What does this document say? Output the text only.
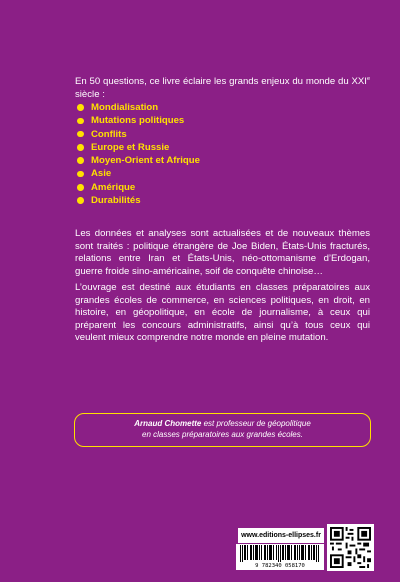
En 50 questions, ce livre éclaire les grands enjeux du monde du XXIe siècle :
Mondialisation
Mutations politiques
Conflits
Europe et Russie
Moyen-Orient et Afrique
Asie
Amérique
Durabilités
Les données et analyses sont actualisées et de nouveaux thèmes sont traités : politique étrangère de Joe Biden, États-Unis fracturés, relations entre Iran et États-Unis, néo-ottomanisme d’Erdogan, guerre froide sino-américaine, soif de conquête chinoise…
L’ouvrage est destiné aux étudiants en classes préparatoires aux grandes écoles de commerce, en sciences politiques, en droit, en histoire, en géopolitique, en école de journalisme, à ceux qui préparent les concours administratifs, ainsi qu’à tous ceux qui veulent mieux comprendre notre monde en pleine mutation.
Arnaud Chomette est professeur de géopolitique
en classes préparatoires aux grandes écoles.
www.editions-ellipses.fr
9 782340 058170
